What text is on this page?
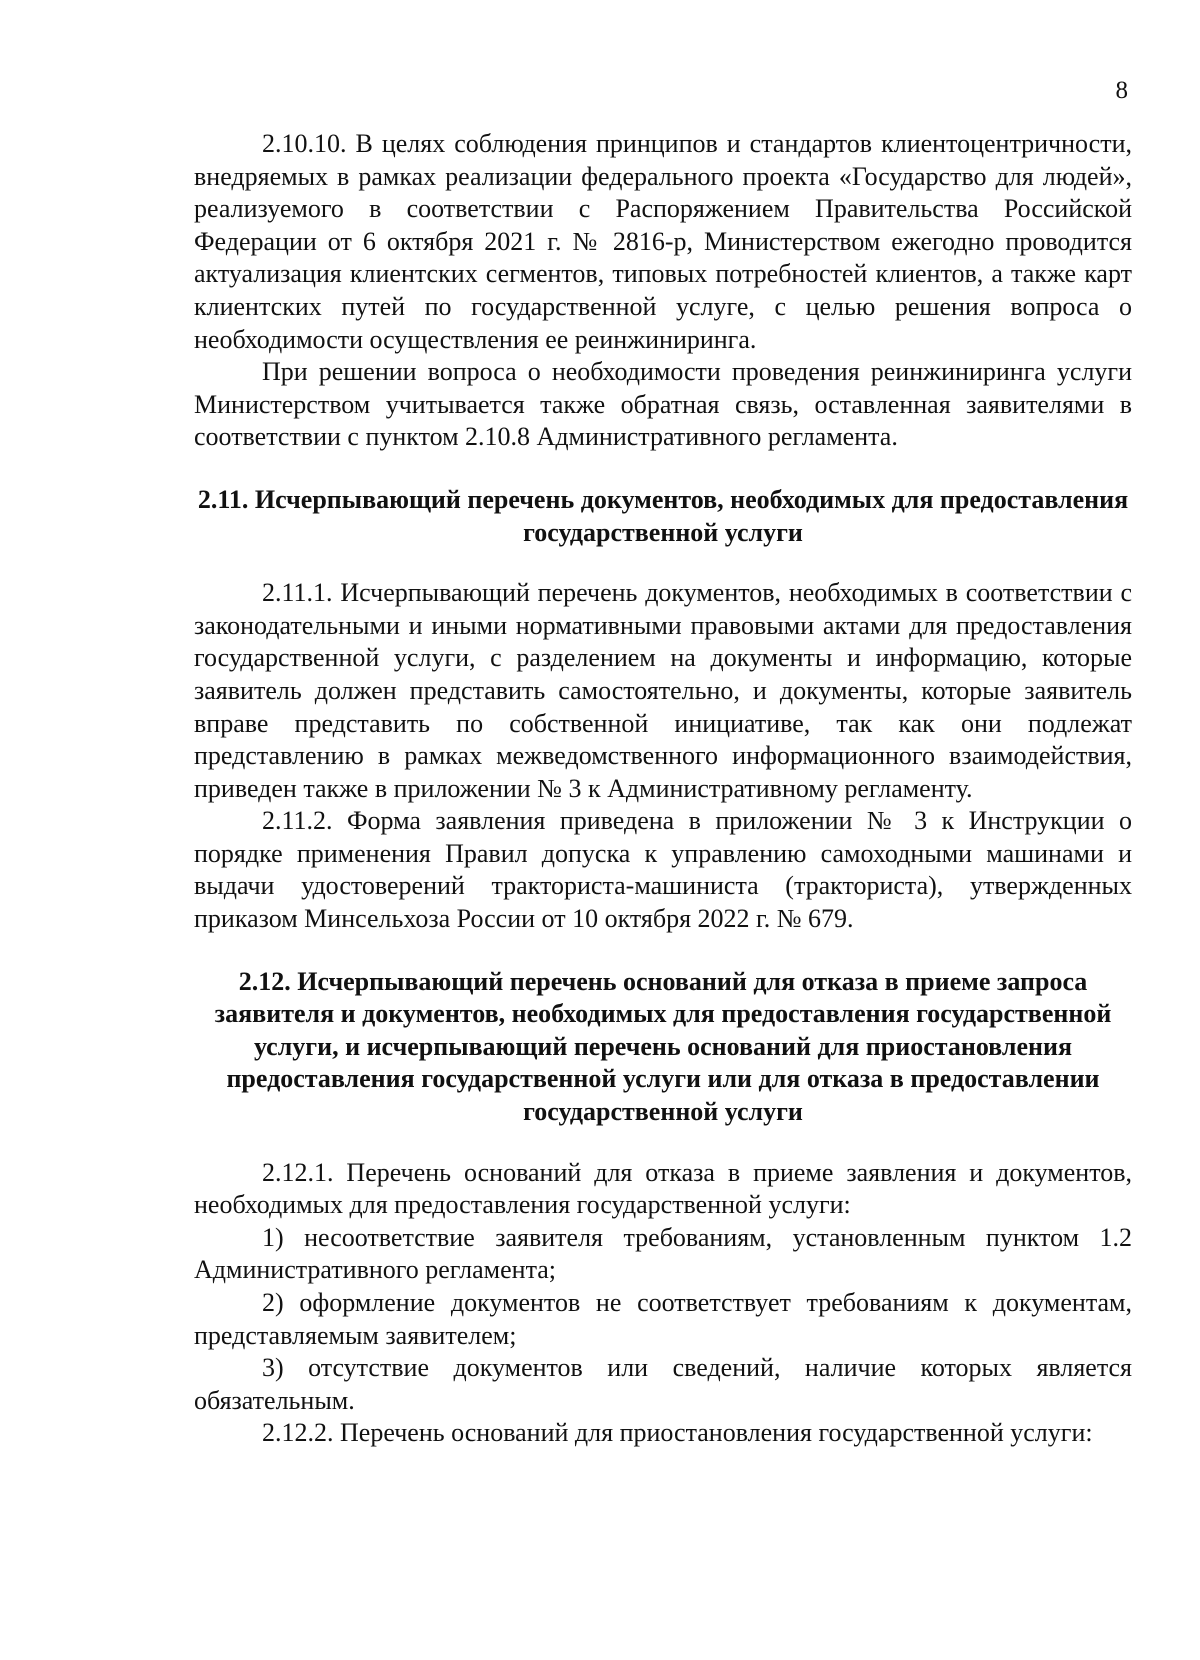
8

2.10.10. В целях соблюдения принципов и стандартов клиентоцентричности, внедряемых в рамках реализации федерального проекта «Государство для людей», реализуемого в соответствии с Распоряжением Правительства Российской Федерации от 6 октября 2021 г. № 2816-р, Министерством ежегодно проводится актуализация клиентских сегментов, типовых потребностей клиентов, а также карт клиентских путей по государственной услуге, с целью решения вопроса о необходимости осуществления ее реинжиниринга.

При решении вопроса о необходимости проведения реинжиниринга услуги Министерством учитывается также обратная связь, оставленная заявителями в соответствии с пунктом 2.10.8 Административного регламента.

2.11. Исчерпывающий перечень документов, необходимых для предоставления государственной услуги

2.11.1. Исчерпывающий перечень документов, необходимых в соответствии с законодательными и иными нормативными правовыми актами для предоставления государственной услуги, с разделением на документы и информацию, которые заявитель должен представить самостоятельно, и документы, которые заявитель вправе представить по собственной инициативе, так как они подлежат представлению в рамках межведомственного информационного взаимодействия, приведен также в приложении № 3 к Административному регламенту.

2.11.2. Форма заявления приведена в приложении № 3 к Инструкции о порядке применения Правил допуска к управлению самоходными машинами и выдачи удостоверений тракториста-машиниста (тракториста), утвержденных приказом Минсельхоза России от 10 октября 2022 г. № 679.

2.12. Исчерпывающий перечень оснований для отказа в приеме запроса заявителя и документов, необходимых для предоставления государственной услуги, и исчерпывающий перечень оснований для приостановления предоставления государственной услуги или для отказа в предоставлении государственной услуги

2.12.1. Перечень оснований для отказа в приеме заявления и документов, необходимых для предоставления государственной услуги:

1) несоответствие заявителя требованиям, установленным пунктом 1.2 Административного регламента;

2) оформление документов не соответствует требованиям к документам, представляемым заявителем;

3) отсутствие документов или сведений, наличие которых является обязательным.

2.12.2. Перечень оснований для приостановления государственной услуги:
